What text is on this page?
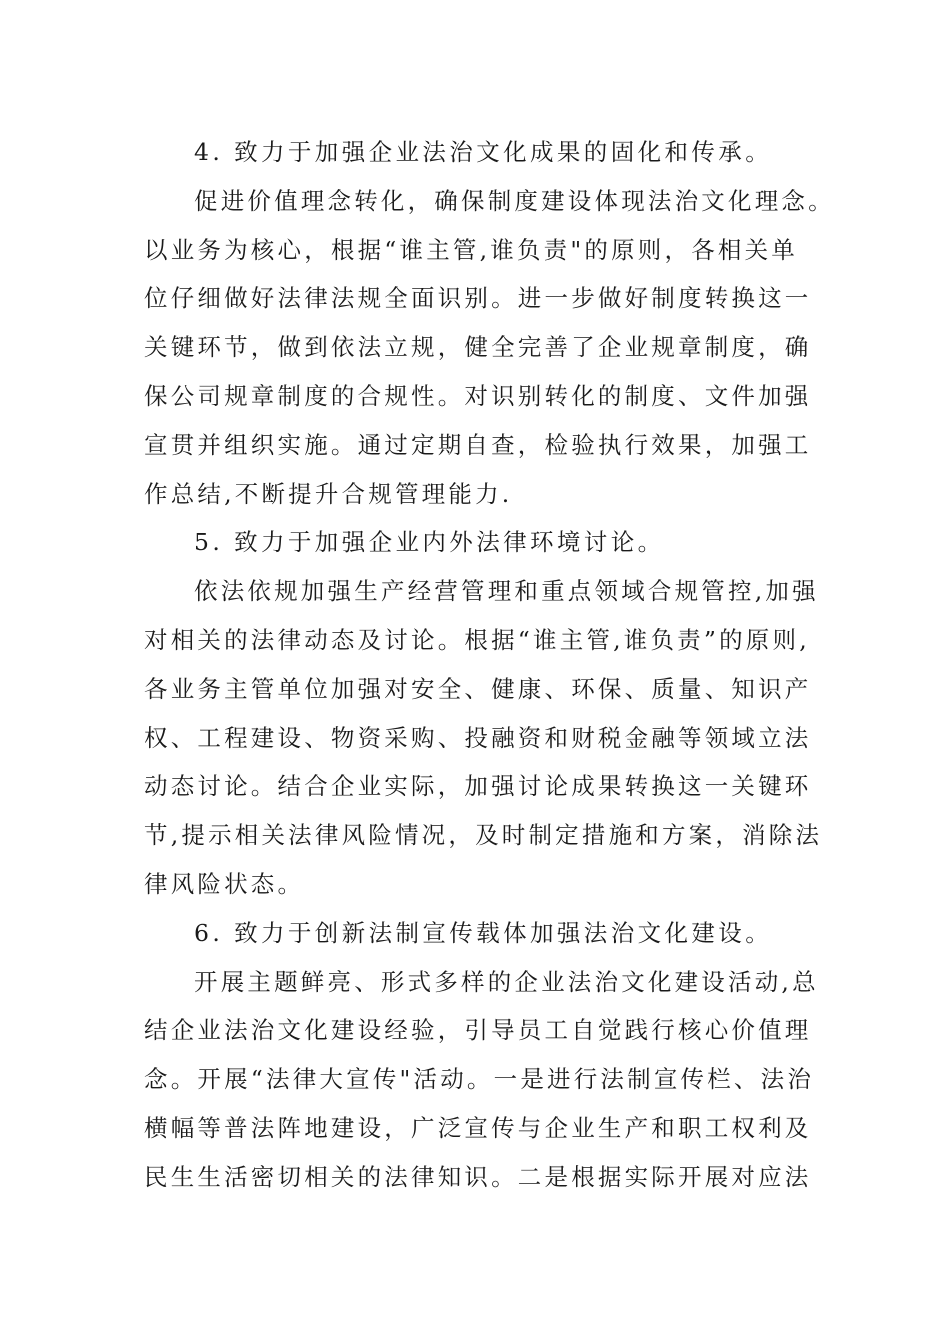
4. 致力于加强企业法治文化成果的固化和传承。

促进价值理念转化，确保制度建设体现法治文化理念。

以业务为核心，根据“谁主管,谁负责"的原则，各相关单

位仔细做好法律法规全面识别。进一步做好制度转换这一

关键环节，做到依法立规，健全完善了企业规章制度，确

保公司规章制度的合规性。对识别转化的制度、文件加强

宣贯并组织实施。通过定期自查，检验执行效果，加强工

作总结,不断提升合规管理能力.

5. 致力于加强企业内外法律环境讨论。

依法依规加强生产经营管理和重点领域合规管控,加强

对相关的法律动态及讨论。根据“谁主管,谁负责”的原则,

各业务主管单位加强对安全、健康、环保、质量、知识产

权、工程建设、物资采购、投融资和财税金融等领域立法

动态讨论。结合企业实际，加强讨论成果转换这一关键环

节,提示相关法律风险情况，及时制定措施和方案，消除法

律风险状态。

6. 致力于创新法制宣传载体加强法治文化建设。

开展主题鲜亮、形式多样的企业法治文化建设活动,总

结企业法治文化建设经验，引导员工自觉践行核心价值理

念。开展“法律大宣传"活动。一是进行法制宣传栏、法治

横幅等普法阵地建设，广泛宣传与企业生产和职工权利及

民生生活密切相关的法律知识。二是根据实际开展对应法
